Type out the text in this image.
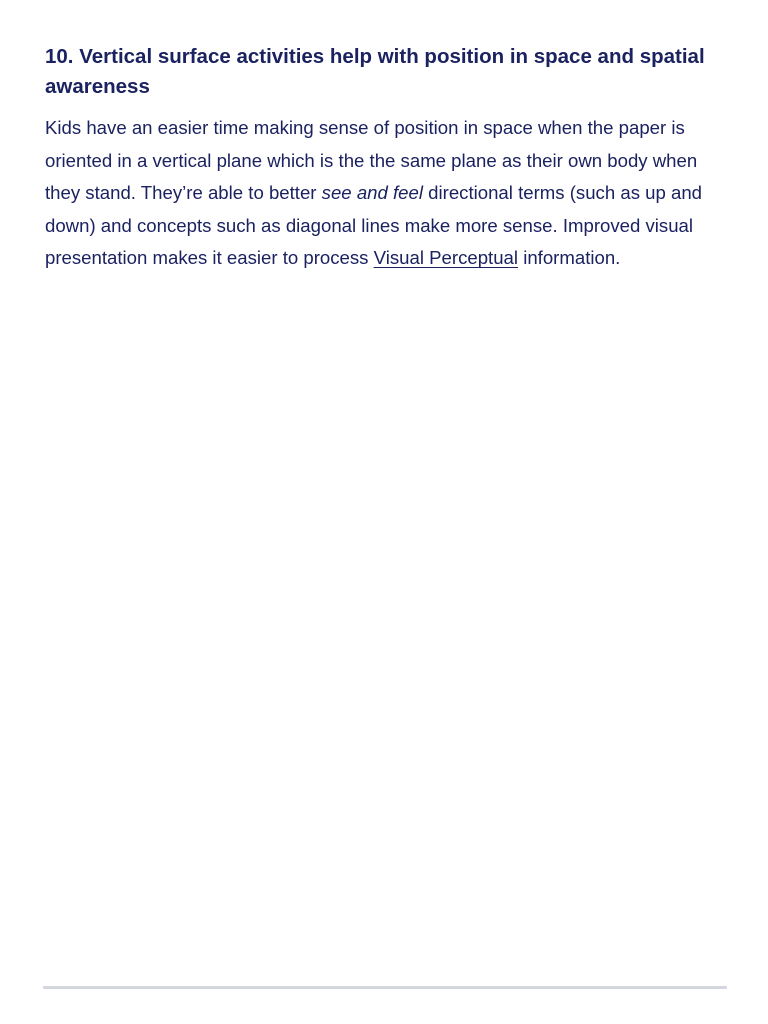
10. Vertical surface activities help with position in space and spatial awareness

Kids have an easier time making sense of position in space when the paper is oriented in a vertical plane which is the the same plane as their own body when they stand. They’re able to better see and feel directional terms (such as up and down) and concepts such as diagonal lines make more sense. Improved visual presentation makes it easier to process Visual Perceptual information.
